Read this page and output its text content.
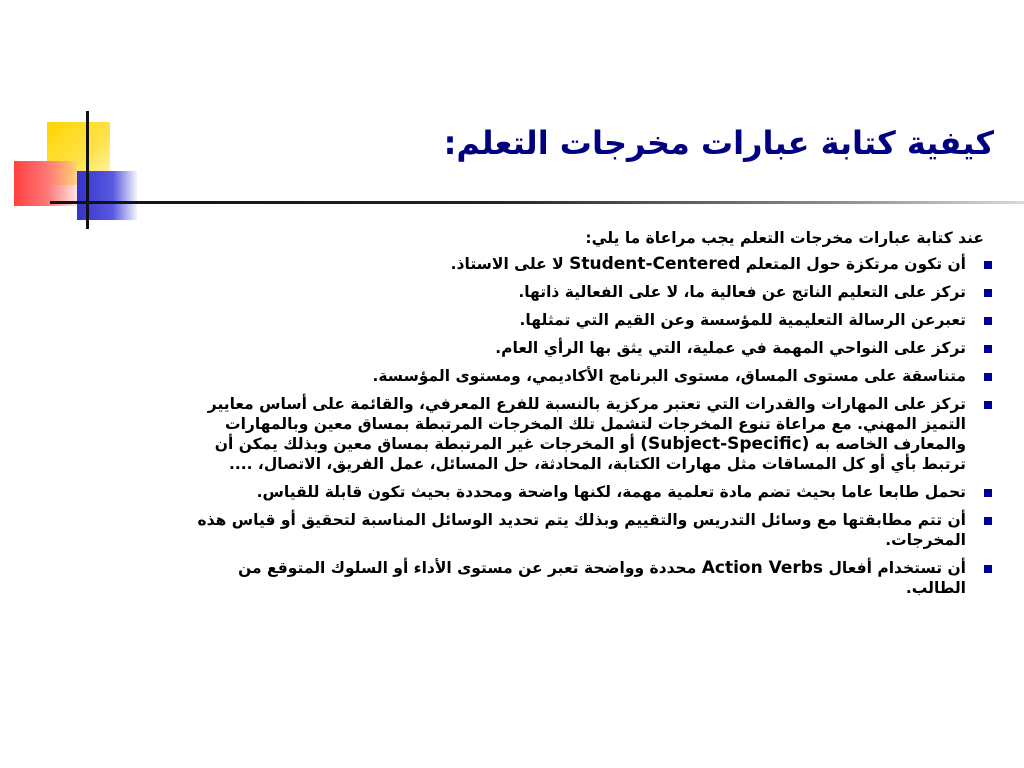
كيفية كتابة عبارات مخرجات التعلم:

عند كتابة عبارات مخرجات التعلم يجب مراعاة ما يلي:

أن تكون مرتكزة حول المتعلم Student-Centered لا على الاستاذ.
تركز على التعليم الناتج عن فعالية ما، لا على الفعالية ذاتها.
تعبرعن الرسالة التعليمية للمؤسسة وعن القيم التي تمثلها.
تركز على النواحي المهمة في عملية، التي يثق بها الرأي العام.
متناسقة على مستوى المساق، مستوى البرنامج الأكاديمي، ومستوى المؤسسة.
تركز على المهارات والقدرات التي تعتبر مركزية بالنسبة للفرع المعرفي، والقائمة على أساس معايير التميز المهني. مع مراعاة تنوع المخرجات لتشمل تلك المخرجات المرتبطة بمساق معين وبالمهارات والمعارف الخاصه به (Subject-Specific) أو المخرجات غير المرتبطة بمساق معين وبذلك يمكن أن ترتبط بأي أو كل المساقات مثل مهارات الكتابة، المحادثة، حل المسائل، عمل الفريق، الاتصال، ....
تحمل طابعا عاما بحيث تضم مادة تعلمية مهمة، لكنها واضحة ومحددة بحيث تكون قابلة للقياس.
أن تتم مطابقتها مع وسائل التدريس والتقييم وبذلك يتم تحديد الوسائل المناسبة لتحقيق أو قياس هذه المخرجات.
أن تستخدام أفعال Action Verbs محددة وواضحة تعبر عن مستوى الأداء أو السلوك المتوقع من الطالب.
